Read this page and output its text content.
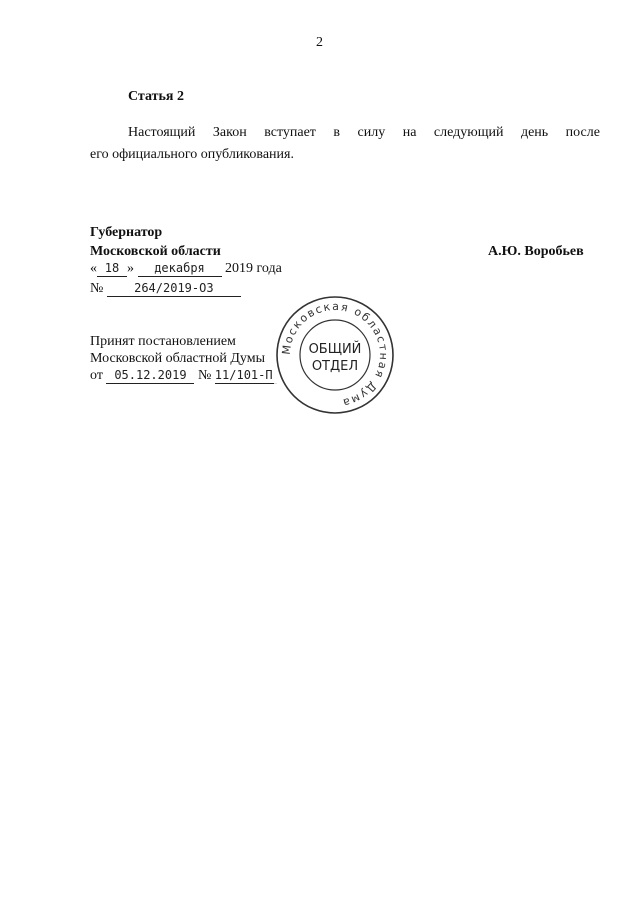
2
Статья 2
Настоящий Закон вступает в силу на следующий день после
его официального опубликования.
Губернатор
Московской области	А.Ю. Воробьев
« 18 » декабря 2019 года
№	264/2019-ОЗ
Принят постановлением
Московской областной Думы
от 05.12.2019 № 11/101-П
Московская областная Дума
ОБЩИЙ
ОТДЕЛ
